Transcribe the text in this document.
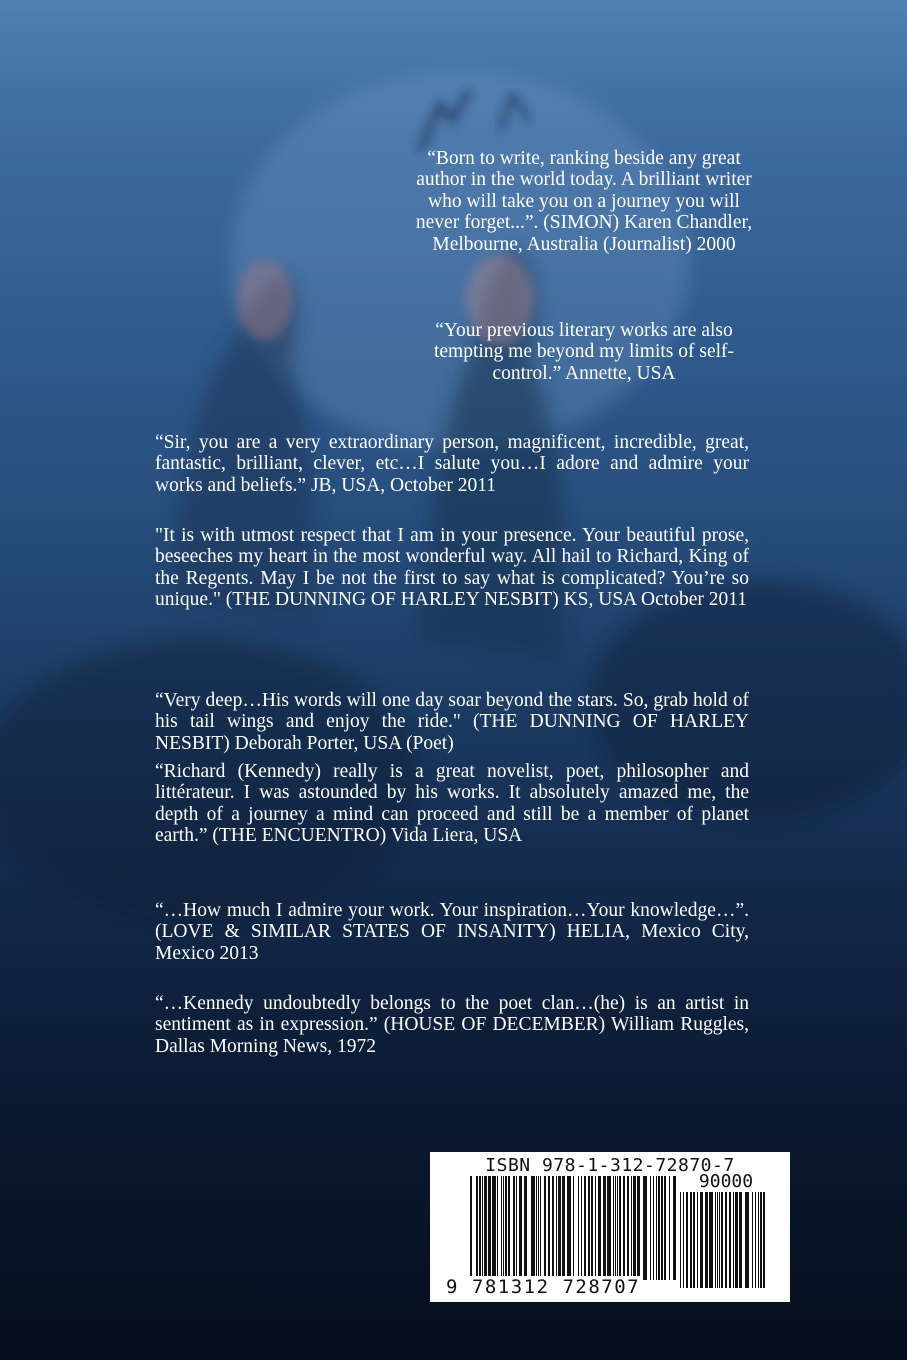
“Born to write, ranking beside any great author in the world today. A brilliant writer who will take you on a journey you will never forget...”. (SIMON) Karen Chandler, Melbourne, Australia (Journalist) 2000

“Your previous literary works are also tempting me beyond my limits of self-control.” Annette, USA

“Sir, you are a very extraordinary person, magnificent, incredible, great, fantastic, brilliant, clever, etc…I salute you…I adore and admire your works and beliefs.” JB, USA, October 2011

"It is with utmost respect that I am in your presence. Your beautiful prose, beseeches my heart in the most wonderful way. All hail to Richard, King of the Regents. May I be not the first to say what is complicated? You’re so unique." (THE DUNNING OF HARLEY NESBIT) KS, USA October 2011

“Very deep…His words will one day soar beyond the stars. So, grab hold of his tail wings and enjoy the ride." (THE DUNNING OF HARLEY NESBIT) Deborah Porter, USA (Poet)

“Richard (Kennedy) really is a great novelist, poet, philosopher and littérateur. I was astounded by his works. It absolutely amazed me, the depth of a journey a mind can proceed and still be a member of planet earth.” (THE ENCUENTRO) Vida Liera, USA

“…How much I admire your work. Your inspiration…Your knowledge…”. (LOVE & SIMILAR STATES OF INSANITY) HELIA, Mexico City, Mexico 2013

“…Kennedy undoubtedly belongs to the poet clan…(he) is an artist in sentiment as in expression.” (HOUSE OF DECEMBER) William Ruggles, Dallas Morning News, 1972

ISBN 978-1-312-72870-7
90000
9 781312 728707
